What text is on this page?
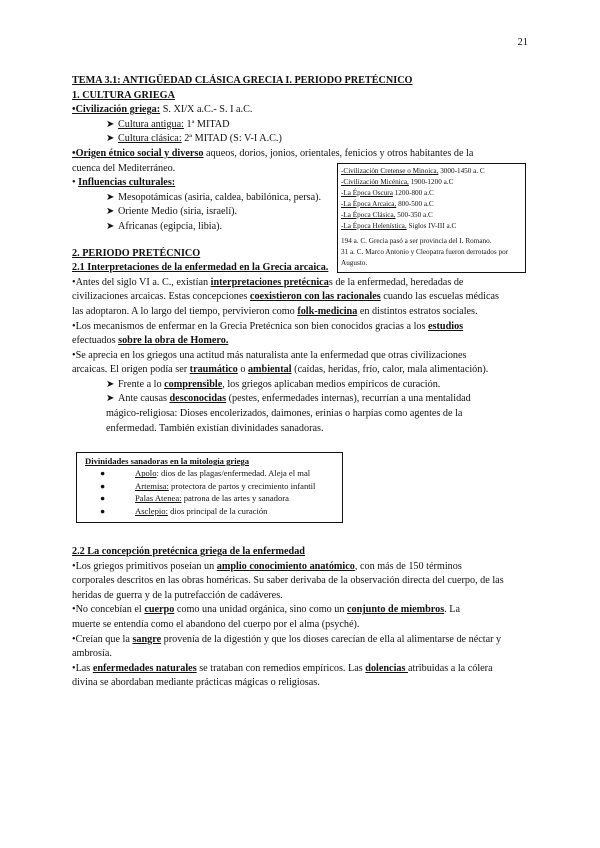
21

TEMA 3.1: ANTIGÜEDAD CLÁSICA GRECIA I. PERIODO PRETÉCNICO

1. CULTURA GRIEGA

•Civilización griega: S. XI/X a.C.- S. I a.C.

➤ Cultura antigua: 1ª MITAD

➤ Cultura clásica: 2ª MITAD (S: V-I A.C.)

•Origen étnico social y diverso aqueos, dorios, jonios, orientales, fenicios y otros habitantes de la

cuenca del Mediterráneo.

• Influencias culturales:

➤ Mesopotámicas (asiria, caldea, babilónica, persa).

➤ Oriente Medio (siria, israelí).

➤ Africanas (egipcia, libia).

2. PERIODO PRETÉCNICO

2.1 Interpretaciones de la enfermedad en la Grecia arcaica.

•Antes del siglo VI a. C., existían interpretaciones pretécnicas de la enfermedad, heredadas de
civilizaciones arcaicas. Estas concepciones coexistieron con las racionales cuando las escuelas médicas
las adoptaron. A lo largo del tiempo, pervivieron como folk-medicina en distintos estratos sociales.

•Los mecanismos de enfermar en la Grecia Pretécnica son bien conocidos gracias a los estudios
efectuados sobre la obra de Homero.

•Se aprecia en los griegos una actitud más naturalista ante la enfermedad que otras civilizaciones
arcaicas. El origen podía ser traumático o ambiental (caídas, heridas, frío, calor, mala alimentación).

➤ Frente a lo comprensible, los griegos aplicaban medios empíricos de curación.

➤ Ante causas desconocidas (pestes, enfermedades internas), recurrían a una mentalidad
mágico-religiosa: Dioses encolerizados, daimones, erinias o harpías como agentes de la
enfermedad. También existían divinidades sanadoras.

-Civilización Cretense o Minoica, 3000-1450 a. C
-Civilización Micénica, 1900-1200 a.C
-La Época Oscura 1200-800 a.C
-La Época Arcaica, 800-500 a.C
-La Época Clásica, 500-350 a.C
-La Época Helenística, Siglos IV-III a.C
194 a. C. Grecia pasó a ser provincia del I. Romano.
31 a. C. Marco Antonio y Cleopatra fueron derrotados por Augusto.
Divinidades sanadoras en la mitología griega
●	Apolo: dios de las plagas/enfermedad. Aleja el mal
●	Artemisa: protectora de partos y crecimiento infantil
●	Palas Atenea: patrona de las artes y sanadora
●	Asclepio: dios principal de la curación

2.2 La concepción pretécnica griega de la enfermedad

•Los griegos primitivos poseían un amplio conocimiento anatómico, con más de 150 términos
corporales descritos en las obras homéricas. Su saber derivaba de la observación directa del cuerpo, de las
heridas de guerra y de la putrefacción de cadáveres.

•No concebían el cuerpo como una unidad orgánica, sino como un conjunto de miembros. La
muerte se entendía como el abandono del cuerpo por el alma (psyché).

•Creían que la sangre provenía de la digestión y que los dioses carecían de ella al alimentarse de néctar y
ambrosía.

•Las enfermedades naturales se trataban con remedios empíricos. Las dolencias atribuidas a la cólera
divina se abordaban mediante prácticas mágicas o religiosas.
